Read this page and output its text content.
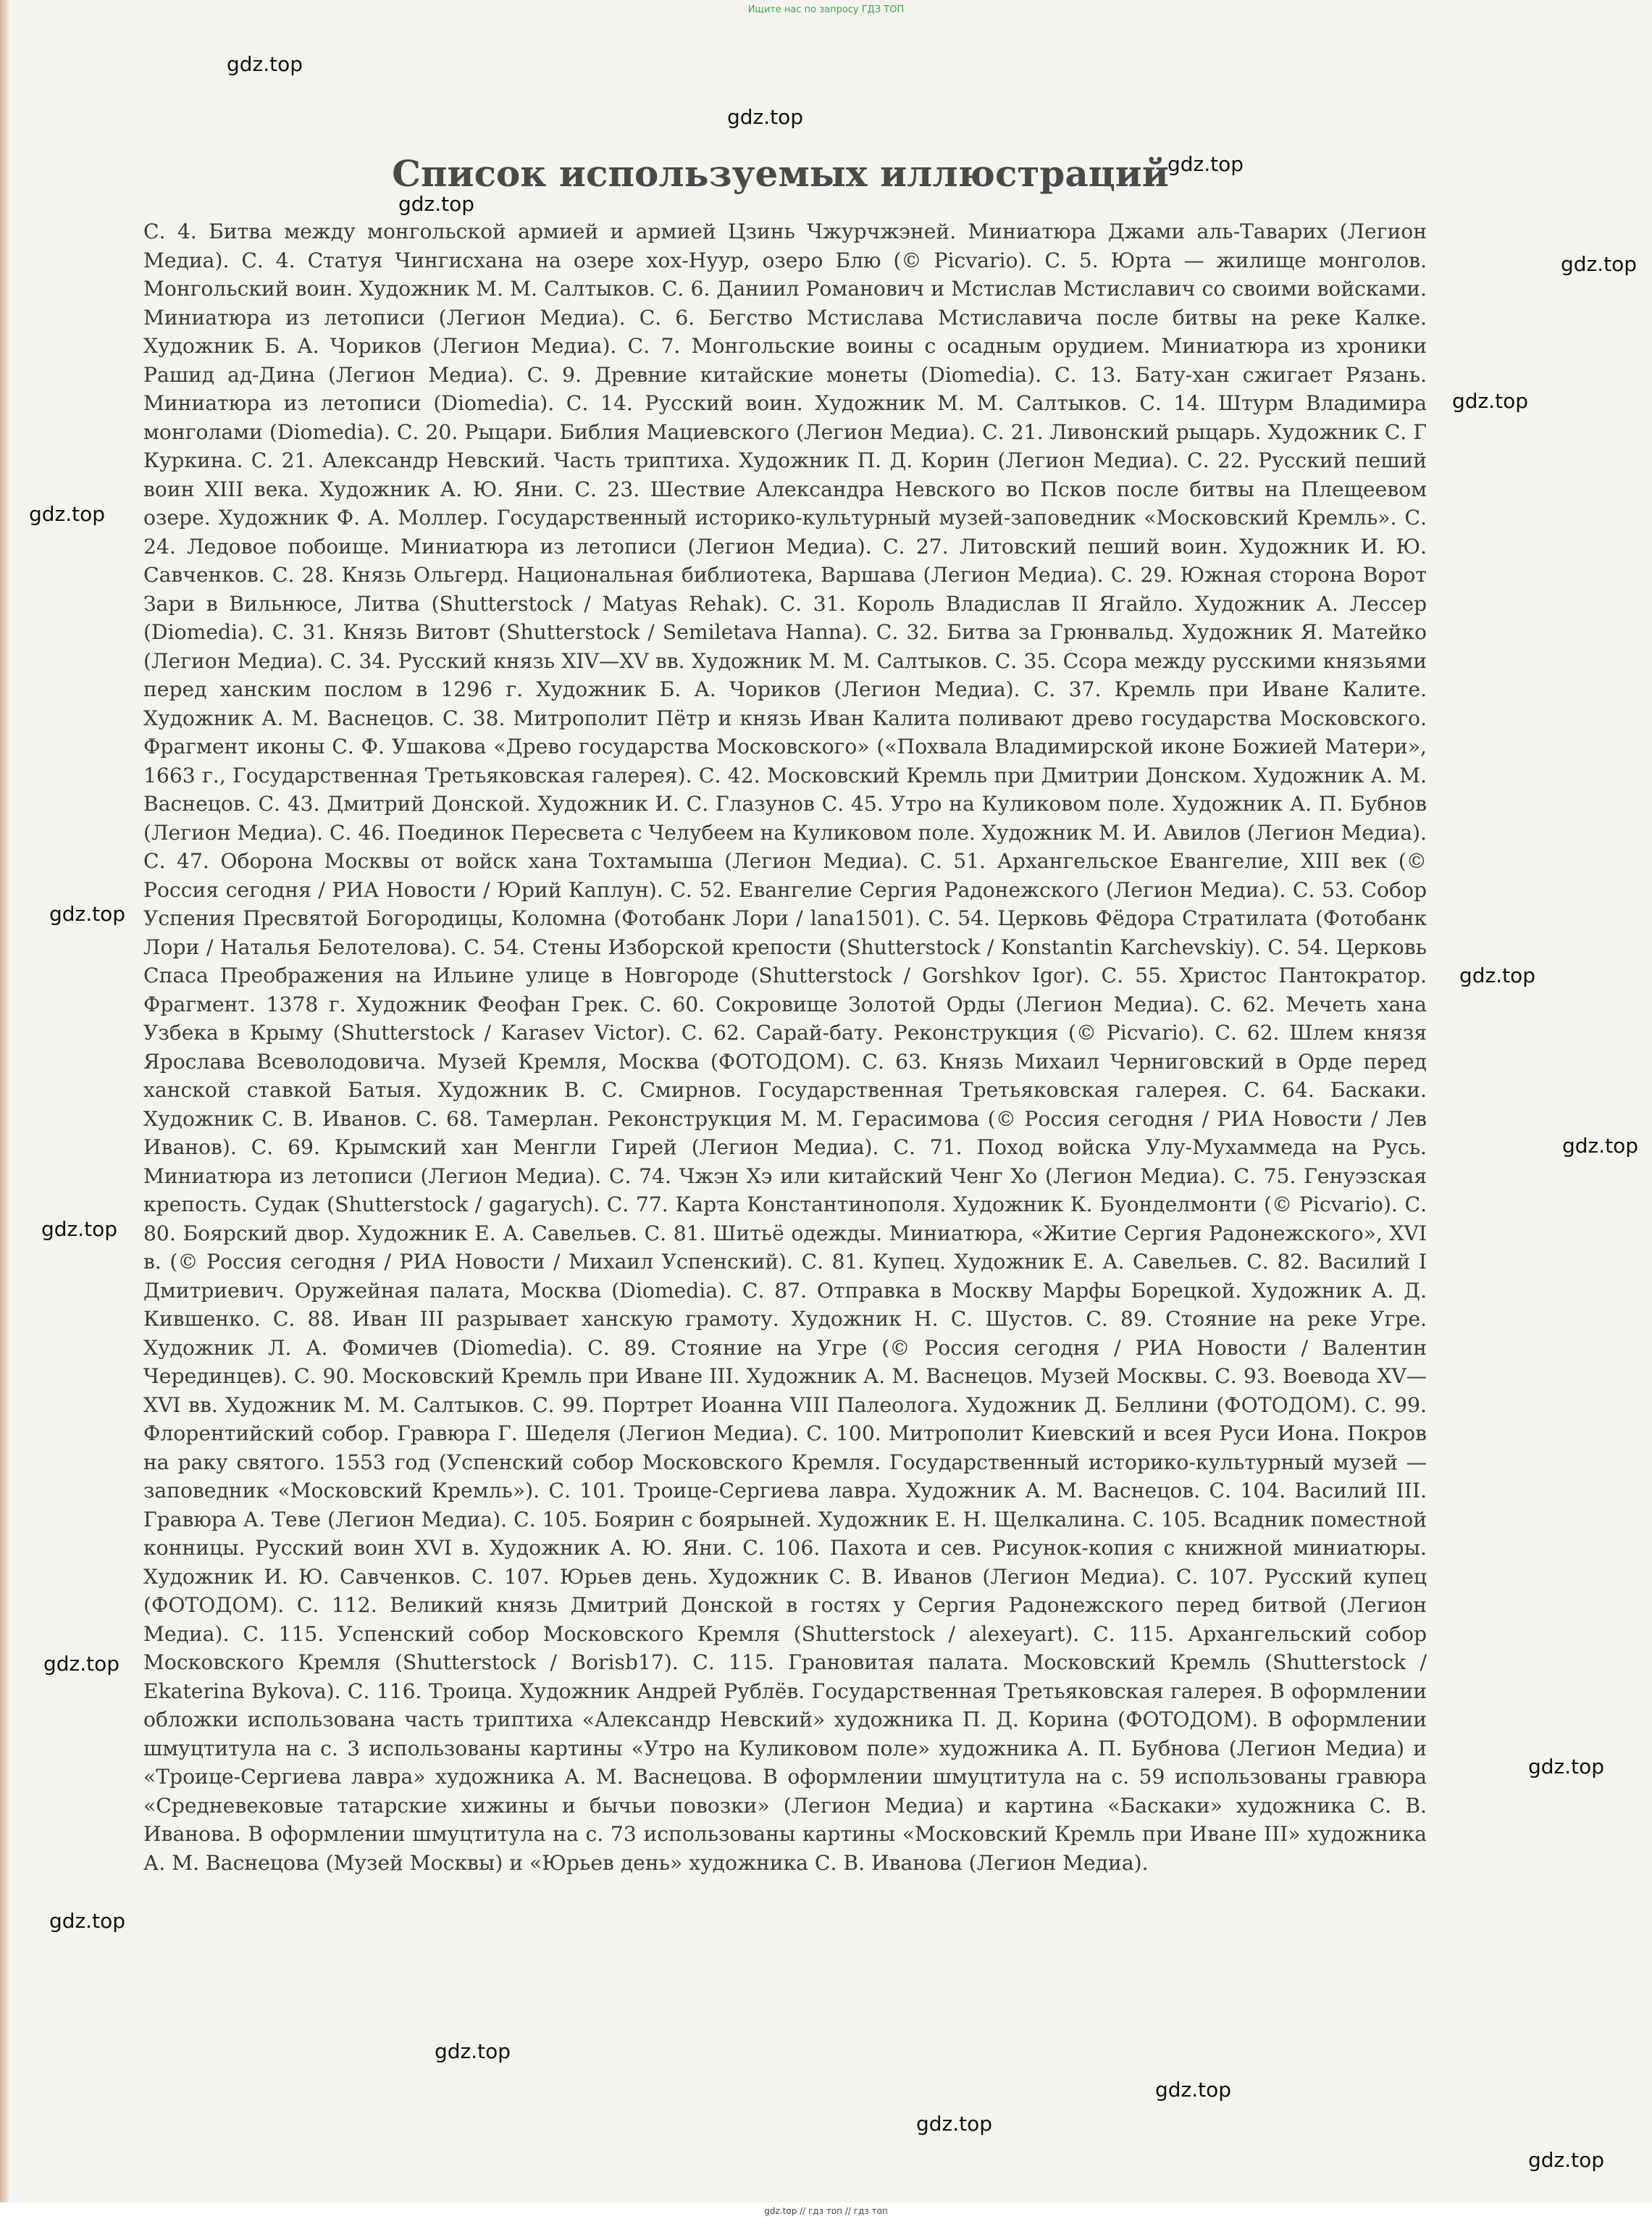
Ищите нас по запросу ГДЗ ТОП
Список используемых иллюстраций

С. 4. Битва между монгольской армией и армией Цзинь Чжурчжэней. Миниатюра Джами аль-Таварих (Легион Медиа). С. 4. Статуя Чингисхана на озере хох-Нуур, озеро Блю (© Picvario). С. 5. Юрта — жилище монголов. Монгольский воин. Художник М. М. Салтыков. С. 6. Даниил Романович и Мстислав Мстиславич со своими войсками. Миниатюра из летописи (Легион Медиа). С. 6. Бегство Мстислава Мстиславича после битвы на реке Калке. Художник Б. А. Чориков (Легион Медиа). С. 7. Монгольские воины с осадным орудием. Миниатюра из хроники Рашид ад-Дина (Легион Медиа). С. 9. Древние китайские монеты (Diomedia). С. 13. Бату-хан сжигает Рязань. Миниатюра из летописи (Diomedia). С. 14. Русский воин. Художник М. М. Салтыков. С. 14. Штурм Владимира монголами (Diomedia). С. 20. Рыцари. Библия Мациевского (Легион Медиа). С. 21. Ливонский рыцарь. Художник С. Г Куркина. С. 21. Александр Невский. Часть триптиха. Художник П. Д. Корин (Легион Медиа). С. 22. Русский пеший воин XIII века. Художник А. Ю. Яни. С. 23. Шествие Александра Невского во Псков после битвы на Плещеевом озере. Художник Ф. А. Моллер. Государственный историко-культурный музей-заповедник «Московский Кремль». С. 24. Ледовое побоище. Миниатюра из летописи (Легион Медиа). С. 27. Литовский пеший воин. Художник И. Ю. Савченков. С. 28. Князь Ольгерд. Национальная библиотека, Варшава (Легион Медиа). С. 29. Южная сторона Ворот Зари в Вильнюсе, Литва (Shutterstock / Matyas Rehak). С. 31. Король Владислав II Ягайло. Художник А. Лессер (Diomedia). С. 31. Князь Витовт (Shutterstock / Semiletava Hanna). С. 32. Битва за Грюнвальд. Художник Я. Матейко (Легион Медиа). С. 34. Русский князь XIV—XV вв. Художник М. М. Салтыков. С. 35. Ссора между русскими князьями перед ханским послом в 1296 г. Художник Б. А. Чориков (Легион Медиа). С. 37. Кремль при Иване Калите. Художник А. М. Васнецов. С. 38. Митрополит Пётр и князь Иван Калита поливают древо государства Московского. Фрагмент иконы С. Ф. Ушакова «Древо государства Московского» («Похвала Владимирской иконе Божией Матери», 1663 г., Государственная Третьяковская галерея). С. 42. Московский Кремль при Дмитрии Донском. Художник А. М. Васнецов. С. 43. Дмитрий Донской. Художник И. С. Глазунов С. 45. Утро на Куликовом поле. Художник А. П. Бубнов (Легион Медиа). С. 46. Поединок Пересвета с Челубеем на Куликовом поле. Художник М. И. Авилов (Легион Медиа). С. 47. Оборона Москвы от войск хана Тохтамыша (Легион Медиа). С. 51. Архангельское Евангелие, XIII век (© Россия сегодня / РИА Новости / Юрий Каплун). С. 52. Евангелие Сергия Радонежского (Легион Медиа). С. 53. Собор Успения Пресвятой Богородицы, Коломна (Фотобанк Лори / lana1501). С. 54. Церковь Фёдора Стратилата (Фотобанк Лори / Наталья Белотелова). С. 54. Стены Изборской крепости (Shutterstock / Konstantin Karchevskiy). С. 54. Церковь Спаса Преображения на Ильине улице в Новгороде (Shutterstock / Gorshkov Igor). С. 55. Христос Пантократор. Фрагмент. 1378 г. Художник Феофан Грек. С. 60. Сокровище Золотой Орды (Легион Медиа). С. 62. Мечеть хана Узбека в Крыму (Shutterstock / Karasev Victor). С. 62. Сарай-бату. Реконструкция (© Picvario). С. 62. Шлем князя Ярослава Всеволодовича. Музей Кремля, Москва (ФОТОДОМ). С. 63. Князь Михаил Черниговский в Орде перед ханской ставкой Батыя. Художник В. С. Смирнов. Государственная Третьяковская галерея. С. 64. Баскаки. Художник С. В. Иванов. С. 68. Тамерлан. Реконструкция М. М. Герасимова (© Россия сегодня / РИА Новости / Лев Иванов). С. 69. Крымский хан Менгли Гирей (Легион Медиа). С. 71. Поход войска Улу-Мухаммеда на Русь. Миниатюра из летописи (Легион Медиа). С. 74. Чжэн Хэ или китайский Ченг Хо (Легион Медиа). С. 75. Генуэзская крепость. Судак (Shutterstock / gagarych). С. 77. Карта Константинополя. Художник К. Буонделмонти (© Picvario). С. 80. Боярский двор. Художник Е. А. Савельев. С. 81. Шитьё одежды. Миниатюра, «Житие Сергия Радонежского», XVI в. (© Россия сегодня / РИА Новости / Михаил Успенский). С. 81. Купец. Художник Е. А. Савельев. С. 82. Василий I Дмитриевич. Оружейная палата, Москва (Diomedia). С. 87. Отправка в Москву Марфы Борецкой. Художник А. Д. Кившенко. С. 88. Иван III разрывает ханскую грамоту. Художник Н. С. Шустов. С. 89. Стояние на реке Угре. Художник Л. А. Фомичев (Diomedia). С. 89. Стояние на Угре (© Россия сегодня / РИА Новости / Валентин Черединцев). С. 90. Московский Кремль при Иване III. Художник А. М. Васнецов. Музей Москвы. С. 93. Воевода XV—XVI вв. Художник М. М. Салтыков. С. 99. Портрет Иоанна VIII Палеолога. Художник Д. Беллини (ФОТОДОМ). С. 99. Флорентийский собор. Гравюра Г. Шеделя (Легион Медиа). С. 100. Митрополит Киевский и всея Руси Иона. Покров на раку святого. 1553 год (Успенский собор Московского Кремля. Государственный историко-культурный музей — заповедник «Московский Кремль»). С. 101. Троице-Сергиева лавра. Художник А. М. Васнецов. С. 104. Василий III. Гравюра А. Теве (Легион Медиа). С. 105. Боярин с боярыней. Художник Е. Н. Щелкалина. С. 105. Всадник поместной конницы. Русский воин XVI в. Художник А. Ю. Яни. С. 106. Пахота и сев. Рисунок-копия с книжной миниатюры. Художник И. Ю. Савченков. С. 107. Юрьев день. Художник С. В. Иванов (Легион Медиа). С. 107. Русский купец (ФОТОДОМ). С. 112. Великий князь Дмитрий Донской в гостях у Сергия Радонежского перед битвой (Легион Медиа). С. 115. Успенский собор Московского Кремля (Shutterstock / alexeyart). С. 115. Архангельский собор Московского Кремля (Shutterstock / Borisb17). С. 115. Грановитая палата. Московский Кремль (Shutterstock / Ekaterina Bykova). С. 116. Троица. Художник Андрей Рублёв. Государственная Третьяковская галерея. В оформлении обложки использована часть триптиха «Александр Невский» художника П. Д. Корина (ФОТОДОМ). В оформлении шмуцтитула на с. 3 использованы картины «Утро на Куликовом поле» художника А. П. Бубнова (Легион Медиа) и «Троице-Сергиева лавра» художника А. М. Васнецова. В оформлении шмуцтитула на с. 59 использованы гравюра «Средневековые татарские хижины и бычьи повозки» (Легион Медиа) и картина «Баскаки» художника С. В. Иванова. В оформлении шмуцтитула на с. 73 использованы картины «Московский Кремль при Иване III» художника А. М. Васнецова (Музей Москвы) и «Юрьев день» художника С. В. Иванова (Легион Медиа).

gdz.top
gdz.top
gdz.top
gdz.top
gdz.top
gdz.top
gdz.top
gdz.top
gdz.top
gdz.top
gdz.top
gdz.top
gdz.top
gdz.top
gdz.top
gdz.top
gdz.top
gdz.top
gdz.top // гдз топ // гдз топ
